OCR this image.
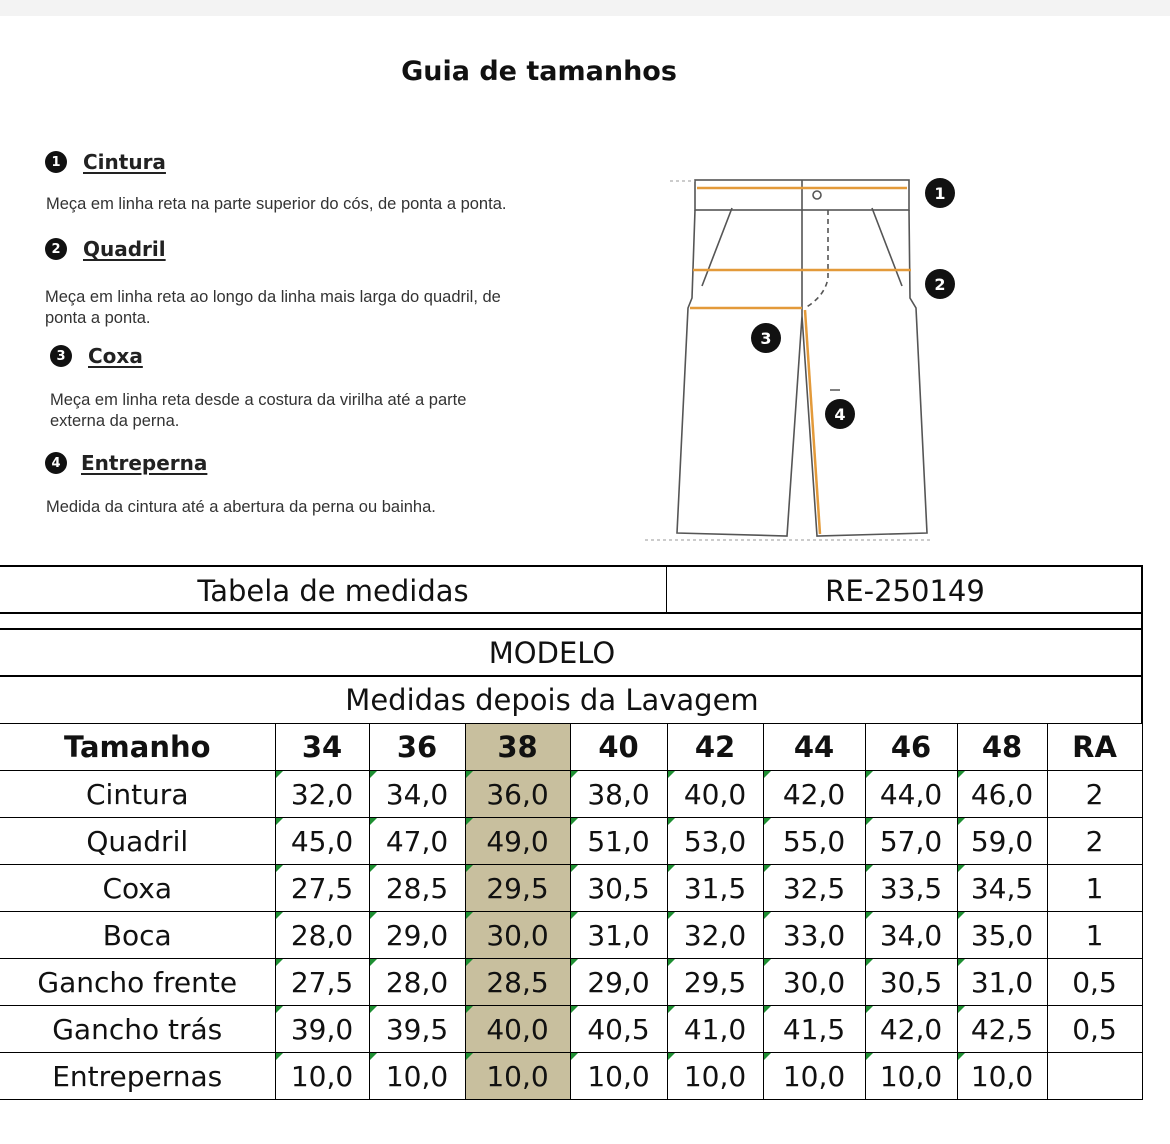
Guia de tamanhos
1	Cintura
Meça em linha reta na parte superior do cós, de ponta a ponta.
2	Quadril
Meça em linha reta ao longo da linha mais larga do quadril, de
ponta a ponta.
3	Coxa
Meça em linha reta desde a costura da virilha até a parte
externa da perna.
4	Entreperna
Medida da cintura até a abertura da perna ou bainha.
1
2
3
4
Tabela de medidas	RE-250149
MODELO
Medidas depois da Lavagem
Tamanho	34	36	38	40	42	44	46	48	RA
Cintura	32,0	34,0	36,0	38,0	40,0	42,0	44,0	46,0	2
Quadril	45,0	47,0	49,0	51,0	53,0	55,0	57,0	59,0	2
Coxa	27,5	28,5	29,5	30,5	31,5	32,5	33,5	34,5	1
Boca	28,0	29,0	30,0	31,0	32,0	33,0	34,0	35,0	1
Gancho frente	27,5	28,0	28,5	29,0	29,5	30,0	30,5	31,0	0,5
Gancho trás	39,0	39,5	40,0	40,5	41,0	41,5	42,0	42,5	0,5
Entrepernas	10,0	10,0	10,0	10,0	10,0	10,0	10,0	10,0	
